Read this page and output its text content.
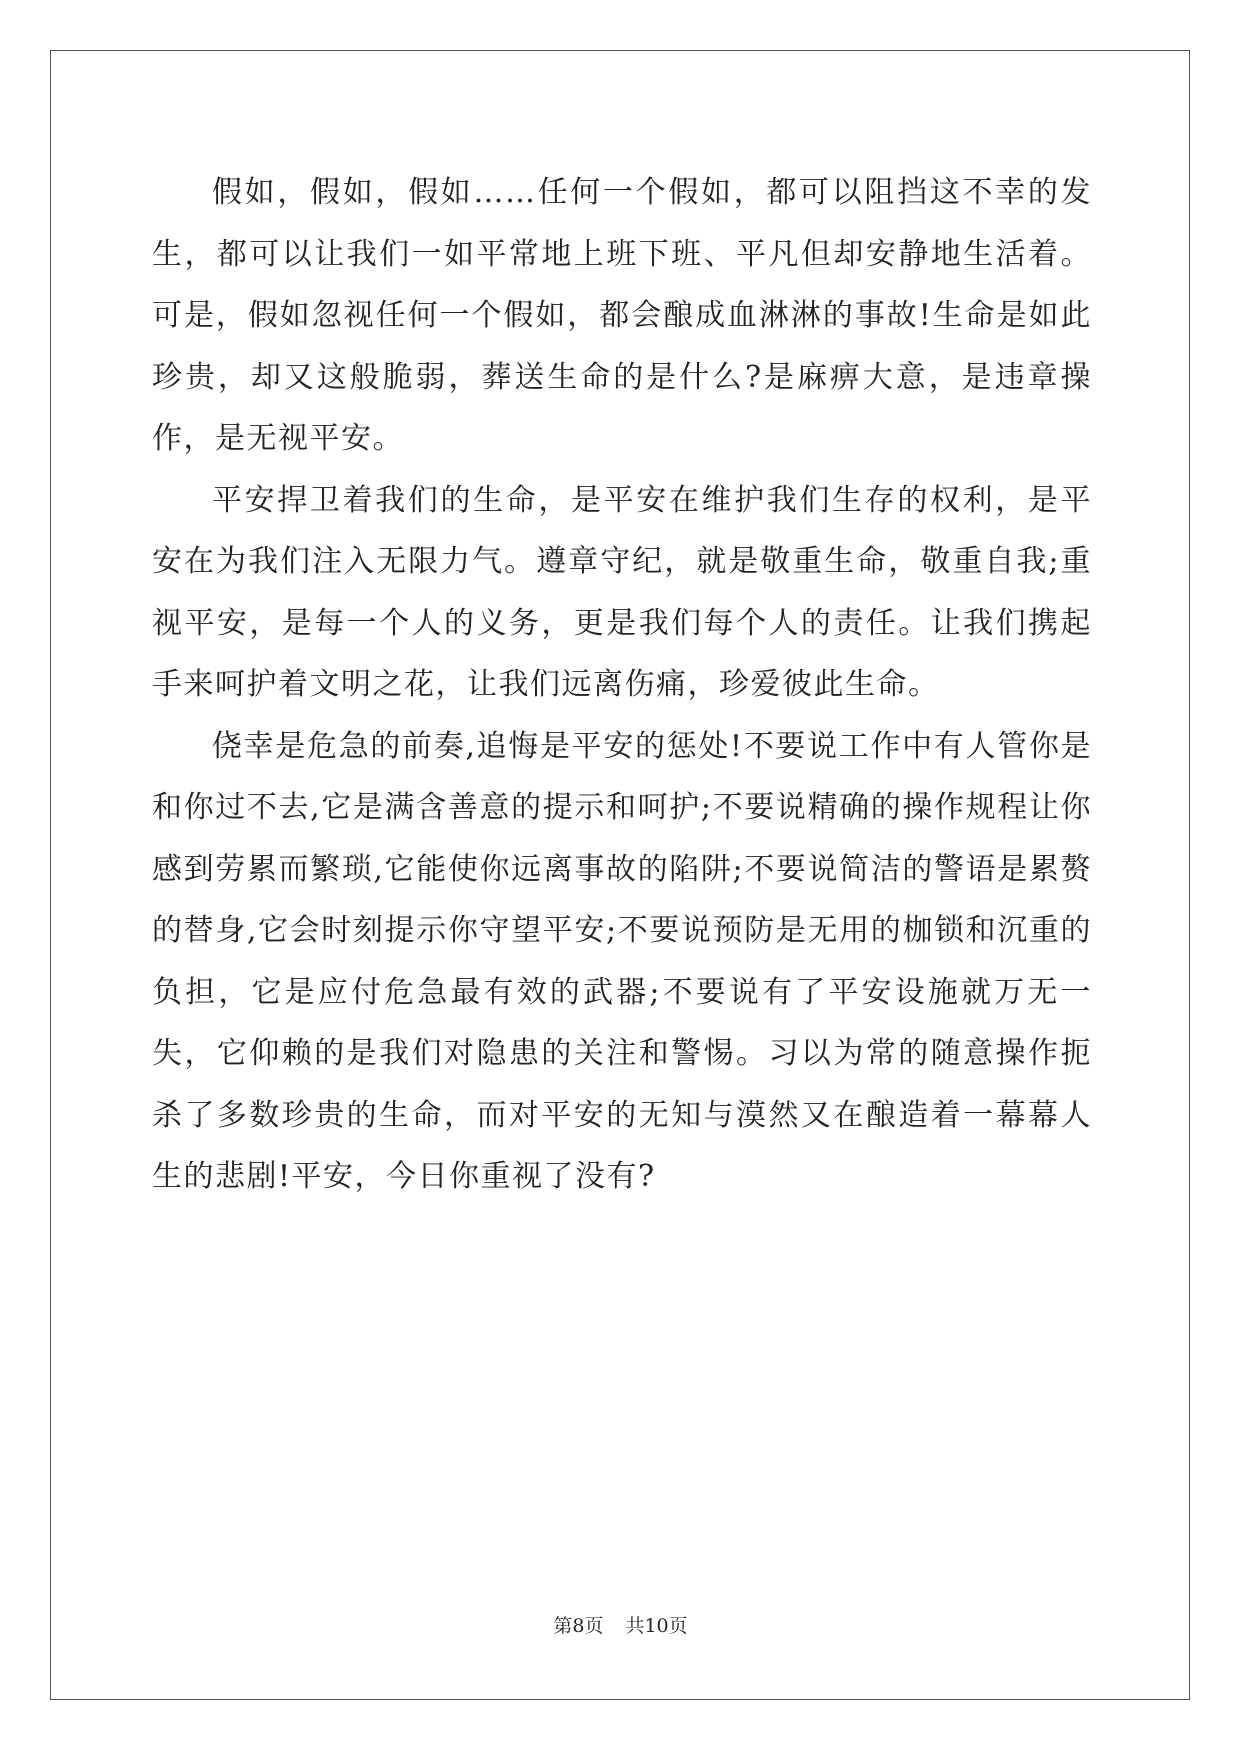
假如，假如，假如……任何一个假如，都可以阻挡这不幸的发生，都可以让我们一如平常地上班下班、平凡但却安静地生活着。可是，假如忽视任何一个假如，都会酿成血淋淋的事故!生命是如此珍贵，却又这般脆弱，葬送生命的是什么?是麻痹大意，是违章操作，是无视平安。

平安捍卫着我们的生命，是平安在维护我们生存的权利，是平安在为我们注入无限力气。遵章守纪，就是敬重生命，敬重自我;重视平安，是每一个人的义务，更是我们每个人的责任。让我们携起手来呵护着文明之花，让我们远离伤痛，珍爱彼此生命。

侥幸是危急的前奏,追悔是平安的惩处!不要说工作中有人管你是和你过不去,它是满含善意的提示和呵护;不要说精确的操作规程让你感到劳累而繁琐,它能使你远离事故的陷阱;不要说简洁的警语是累赘的替身,它会时刻提示你守望平安;不要说预防是无用的枷锁和沉重的负担，它是应付危急最有效的武器;不要说有了平安设施就万无一失，它仰赖的是我们对隐患的关注和警惕。习以为常的随意操作扼杀了多数珍贵的生命，而对平安的无知与漠然又在酿造着一幕幕人生的悲剧!平安，今日你重视了没有?

第8页 共10页
